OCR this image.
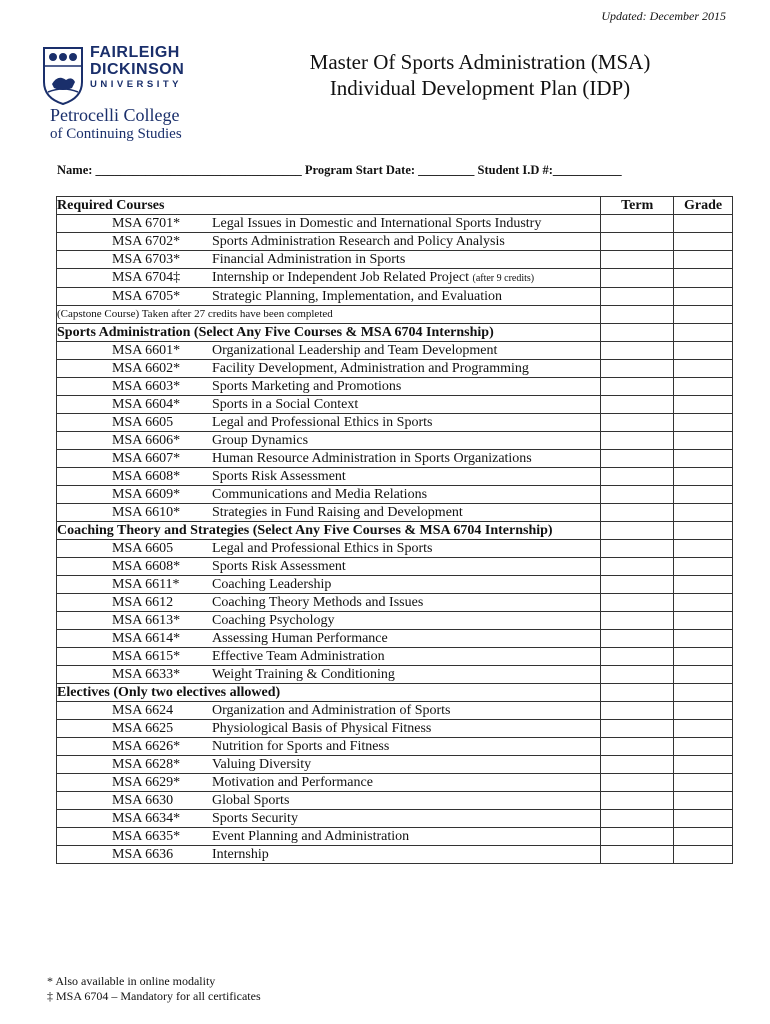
Updated: December 2015
FAIRLEIGH
DICKINSON
UNIVERSITY
Petrocelli College
of Continuing Studies
Master Of Sports Administration (MSA)
Individual Development Plan (IDP)
Name: _________________________________ Program Start Date: _________ Student I.D #:___________
Required Courses	Term	Grade
MSA 6701* Legal Issues in Domestic and International Sports Industry		
MSA 6702* Sports Administration Research and Policy Analysis		
MSA 6703* Financial Administration in Sports		
MSA 6704‡ Internship or Independent Job Related Project (after 9 credits)		
MSA 6705* Strategic Planning, Implementation, and Evaluation		
(Capstone Course) Taken after 27 credits have been completed		
Sports Administration (Select Any Five Courses & MSA 6704 Internship)		
MSA 6601* Organizational Leadership and Team Development		
MSA 6602* Facility Development, Administration and Programming		
MSA 6603* Sports Marketing and Promotions		
MSA 6604* Sports in a Social Context		
MSA 6605 Legal and Professional Ethics in Sports		
MSA 6606* Group Dynamics		
MSA 6607* Human Resource Administration in Sports Organizations		
MSA 6608* Sports Risk Assessment		
MSA 6609* Communications and Media Relations		
MSA 6610* Strategies in Fund Raising and Development		
Coaching Theory and Strategies (Select Any Five Courses & MSA 6704 Internship)		
MSA 6605 Legal and Professional Ethics in Sports		
MSA 6608* Sports Risk Assessment		
MSA 6611* Coaching Leadership		
MSA 6612 Coaching Theory Methods and Issues		
MSA 6613* Coaching Psychology		
MSA 6614* Assessing Human Performance		
MSA 6615* Effective Team Administration		
MSA 6633* Weight Training & Conditioning		
Electives (Only two electives allowed)		
MSA 6624 Organization and Administration of Sports		
MSA 6625 Physiological Basis of Physical Fitness		
MSA 6626* Nutrition for Sports and Fitness		
MSA 6628* Valuing Diversity		
MSA 6629* Motivation and Performance		
MSA 6630 Global Sports		
MSA 6634* Sports Security		
MSA 6635* Event Planning and Administration		
MSA 6636 Internship		
* Also available in online modality
‡ MSA 6704 – Mandatory for all certificates
